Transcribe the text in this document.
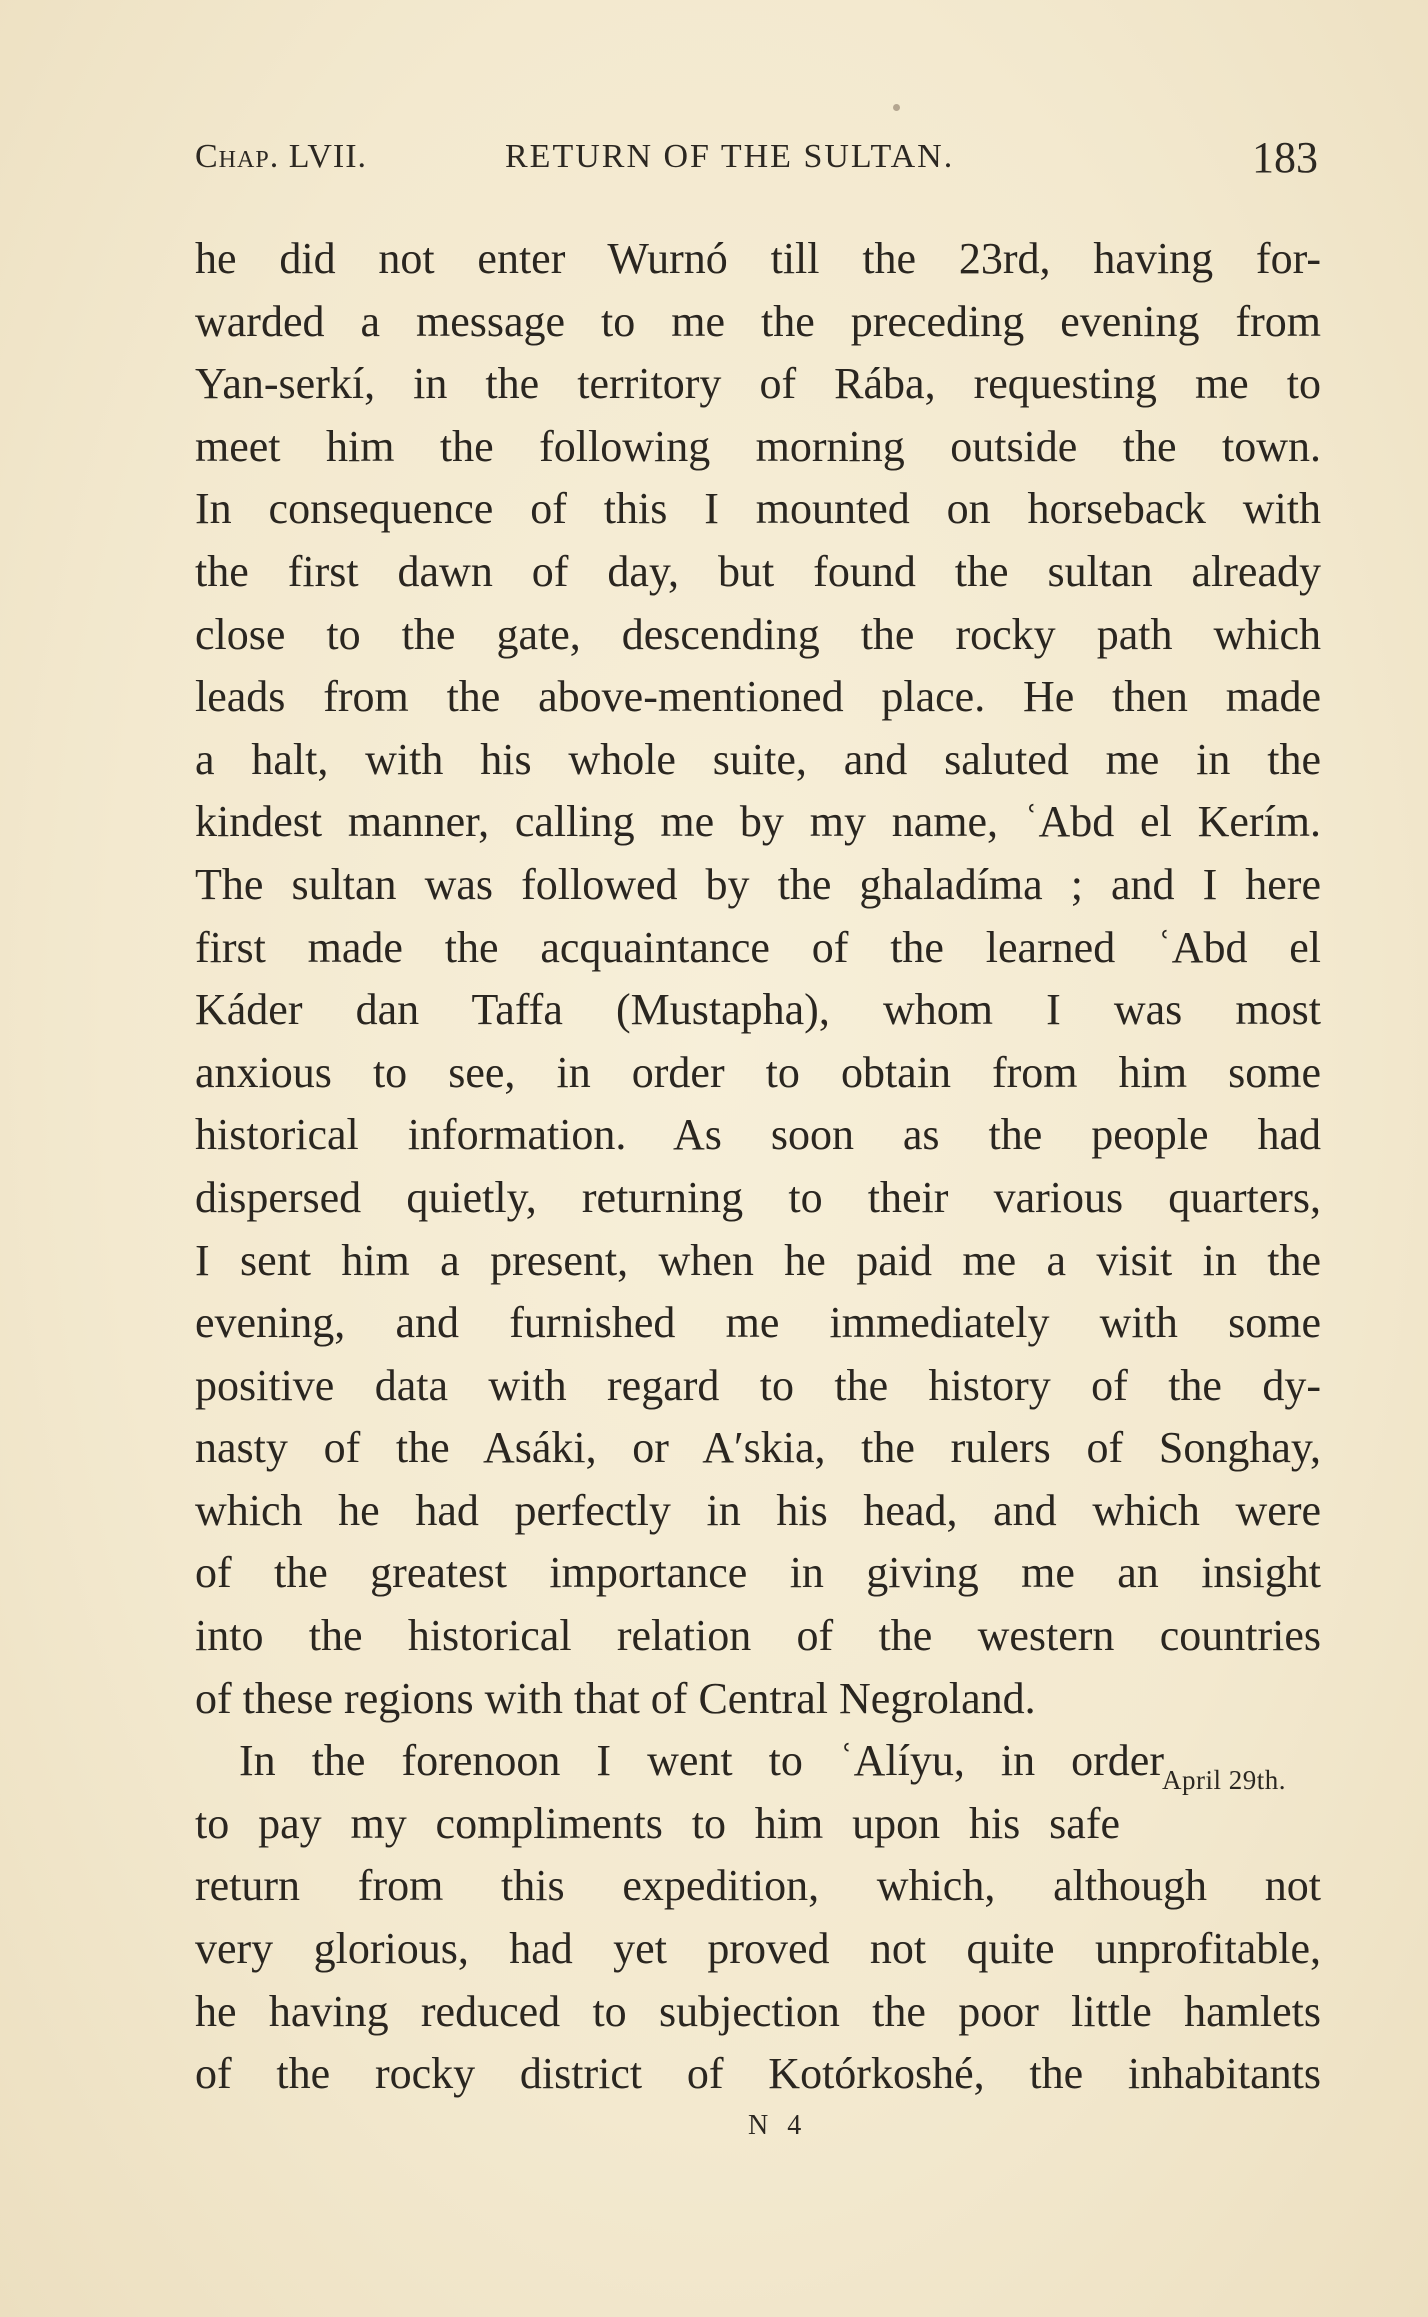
Chap. LVII.	RETURN OF THE SULTAN.	183
he did not enter Wurnó till the 23rd, having for-
warded a message to me the preceding evening from
Yan-serkí, in the territory of Rába, requesting me to
meet him the following morning outside the town.
In consequence of this I mounted on horseback with
the first dawn of day, but found the sultan already
close to the gate, descending the rocky path which
leads from the above-mentioned place. He then made
a halt, with his whole suite, and saluted me in the
kindest manner, calling me by my name, ʿAbd el Kerím.
The sultan was followed by the ghaladíma ; and I here
first made the acquaintance of the learned ʿAbd el
Káder dan Taffa (Mustapha), whom I was most
anxious to see, in order to obtain from him some
historical information. As soon as the people had
dispersed quietly, returning to their various quarters,
I sent him a present, when he paid me a visit in the
evening, and furnished me immediately with some
positive data with regard to the history of the dy-
nasty of the Asáki, or A′skia, the rulers of Songhay,
which he had perfectly in his head, and which were
of the greatest importance in giving me an insight
into the historical relation of the western countries
of these regions with that of Central Negroland.
In the forenoon I went to ʿAlíyu, in order
to pay my compliments to him upon his safe
return from this expedition, which, although not
very glorious, had yet proved not quite unprofitable,
he having reduced to subjection the poor little hamlets
of the rocky district of Kotórkoshé, the inhabitants
April 29th.
N 4
